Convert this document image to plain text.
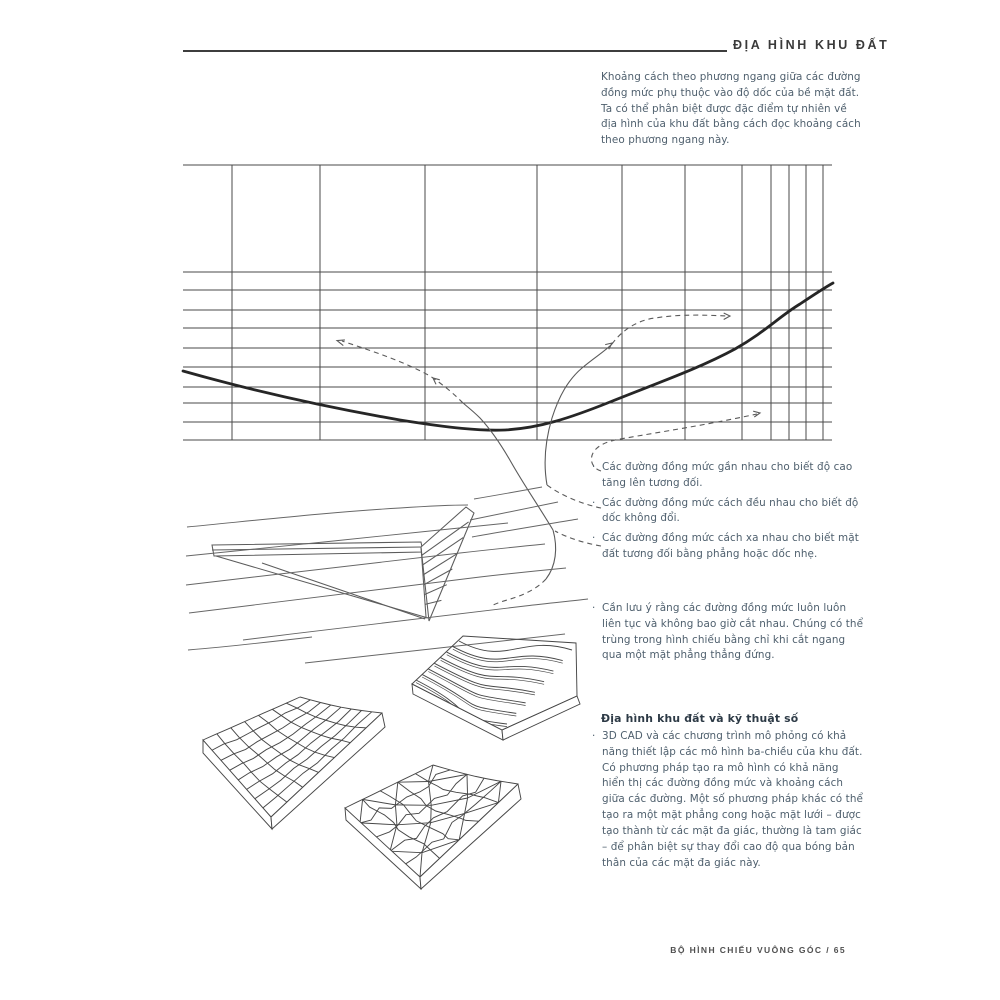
ĐỊA HÌNH KHU ĐẤT
Khoảng cách theo phương ngang giữa các đường đồng mức phụ thuộc vào độ dốc của bề mặt đất. Ta có thể phân biệt được đặc điểm tự nhiên về địa hình của khu đất bằng cách đọc khoảng cách theo phương ngang này.
· Các đường đồng mức gần nhau cho biết độ cao tăng lên tương đối.
· Các đường đồng mức cách đều nhau cho biết độ dốc không đổi.
· Các đường đồng mức cách xa nhau cho biết mặt đất tương đối bằng phẳng hoặc dốc nhẹ.
· Cần lưu ý rằng các đường đồng mức luôn luôn liên tục và không bao giờ cắt nhau. Chúng có thể trùng trong hình chiếu bằng chỉ khi cắt ngang qua một mặt phẳng thẳng đứng.
Địa hình khu đất và kỹ thuật số
· 3D CAD và các chương trình mô phỏng có khả năng thiết lập các mô hình ba-chiều của khu đất. Có phương pháp tạo ra mô hình có khả năng hiển thị các đường đồng mức và khoảng cách giữa các đường. Một số phương pháp khác có thể tạo ra một mặt phẳng cong hoặc mặt lưới – được tạo thành từ các mặt đa giác, thường là tam giác – để phân biệt sự thay đổi cao độ qua bóng bản thân của các mặt đa giác này.
BỘ HÌNH CHIẾU VUÔNG GÓC / 65
